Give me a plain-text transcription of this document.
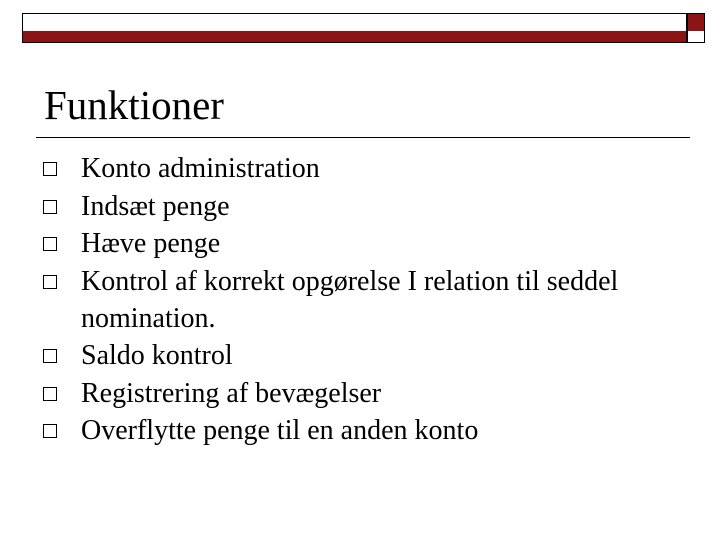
Funktioner
Konto administration
Indsæt penge
Hæve penge
Kontrol af korrekt opgørelse I relation til seddel nomination.
Saldo kontrol
Registrering af bevægelser
Overflytte penge til en anden konto
